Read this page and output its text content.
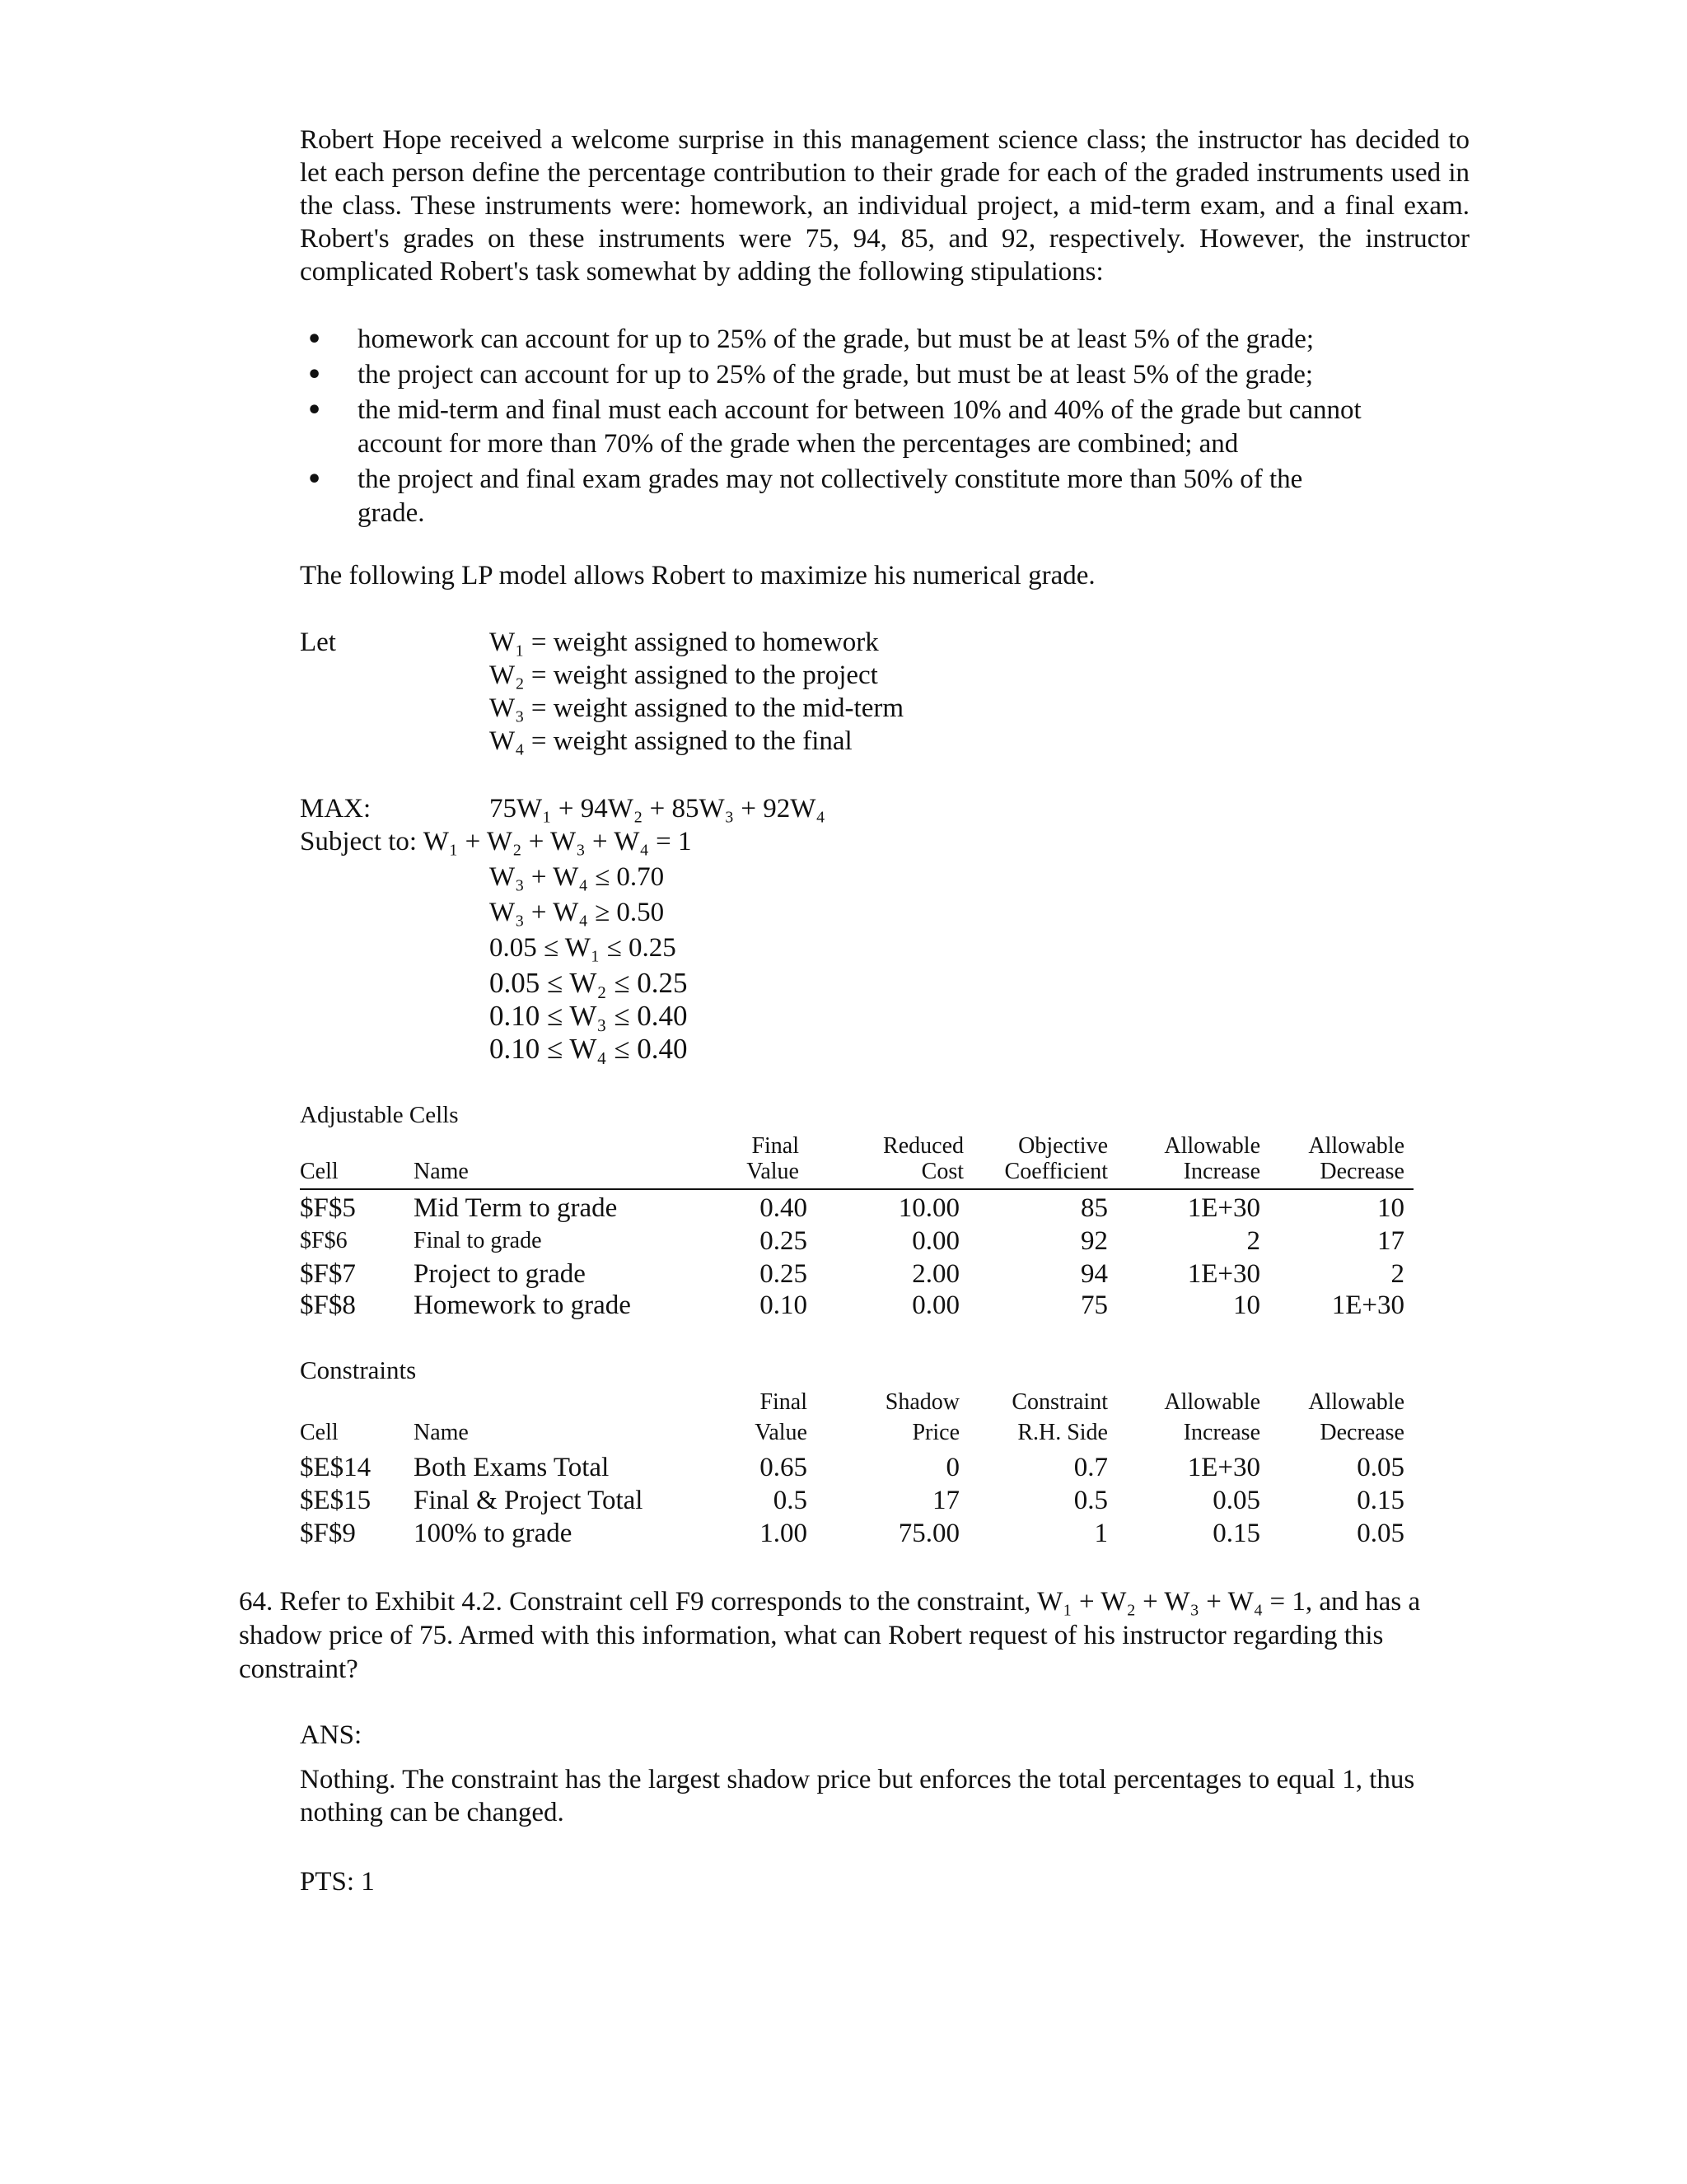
Robert Hope received a welcome surprise in this management science class; the instructor has decided to let each person define the percentage contribution to their grade for each of the graded instruments used in the class. These instruments were: homework, an individual project, a mid-term exam, and a final exam. Robert's grades on these instruments were 75, 94, 85, and 92, respectively. However, the instructor complicated Robert's task somewhat by adding the following stipulations:
• homework can account for up to 25% of the grade, but must be at least 5% of the grade;
• the project can account for up to 25% of the grade, but must be at least 5% of the grade;
• the mid-term and final must each account for between 10% and 40% of the grade but cannot account for more than 70% of the grade when the percentages are combined; and
• the project and final exam grades may not collectively constitute more than 50% of the grade.
The following LP model allows Robert to maximize his numerical grade.
Let	W₁ = weight assigned to homework
W₂ = weight assigned to the project
W₃ = weight assigned to the mid-term
W₄ = weight assigned to the final
MAX:	75W₁ + 94W₂ + 85W₃ + 92W₄
Subject to: W₁ + W₂ + W₃ + W₄ = 1
W₃ + W₄ ≤ 0.70
W₃ + W₄ ≥ 0.50
0.05 ≤ W₁ ≤ 0.25
0.05 ≤ W₂ ≤ 0.25
0.10 ≤ W₃ ≤ 0.40
0.10 ≤ W₄ ≤ 0.40
Adjustable Cells
Final	Reduced	Objective	Allowable	Allowable
Cell	Name	Value	Cost	Coefficient	Increase	Decrease
$F$5 Mid Term to grade	0.40	10.00	85	1E+30	10
$F$6	Final to grade	0.25	0.00	92	2	17
$F$7 Project to grade	0.25	2.00	94	1E+30	2
$F$8 Homework to grade	0.10	0.00	75	10	1E+30
Constraints
Final	Shadow	Constraint	Allowable	Allowable
Cell	Name	Value	Price	R.H. Side	Increase	Decrease
$E$14 Both Exams Total	0.65	0	0.7	1E+30	0.05
$E$15 Final & Project Total	0.5	17	0.5	0.05	0.15
$F$9 100% to grade	1.00	75.00	1	0.15	0.05
64. Refer to Exhibit 4.2. Constraint cell F9 corresponds to the constraint, W₁ + W₂ + W₃ + W₄ = 1, and has a shadow price of 75. Armed with this information, what can Robert request of his instructor regarding this constraint?
ANS:
Nothing. The constraint has the largest shadow price but enforces the total percentages to equal 1, thus nothing can be changed.
PTS: 1
